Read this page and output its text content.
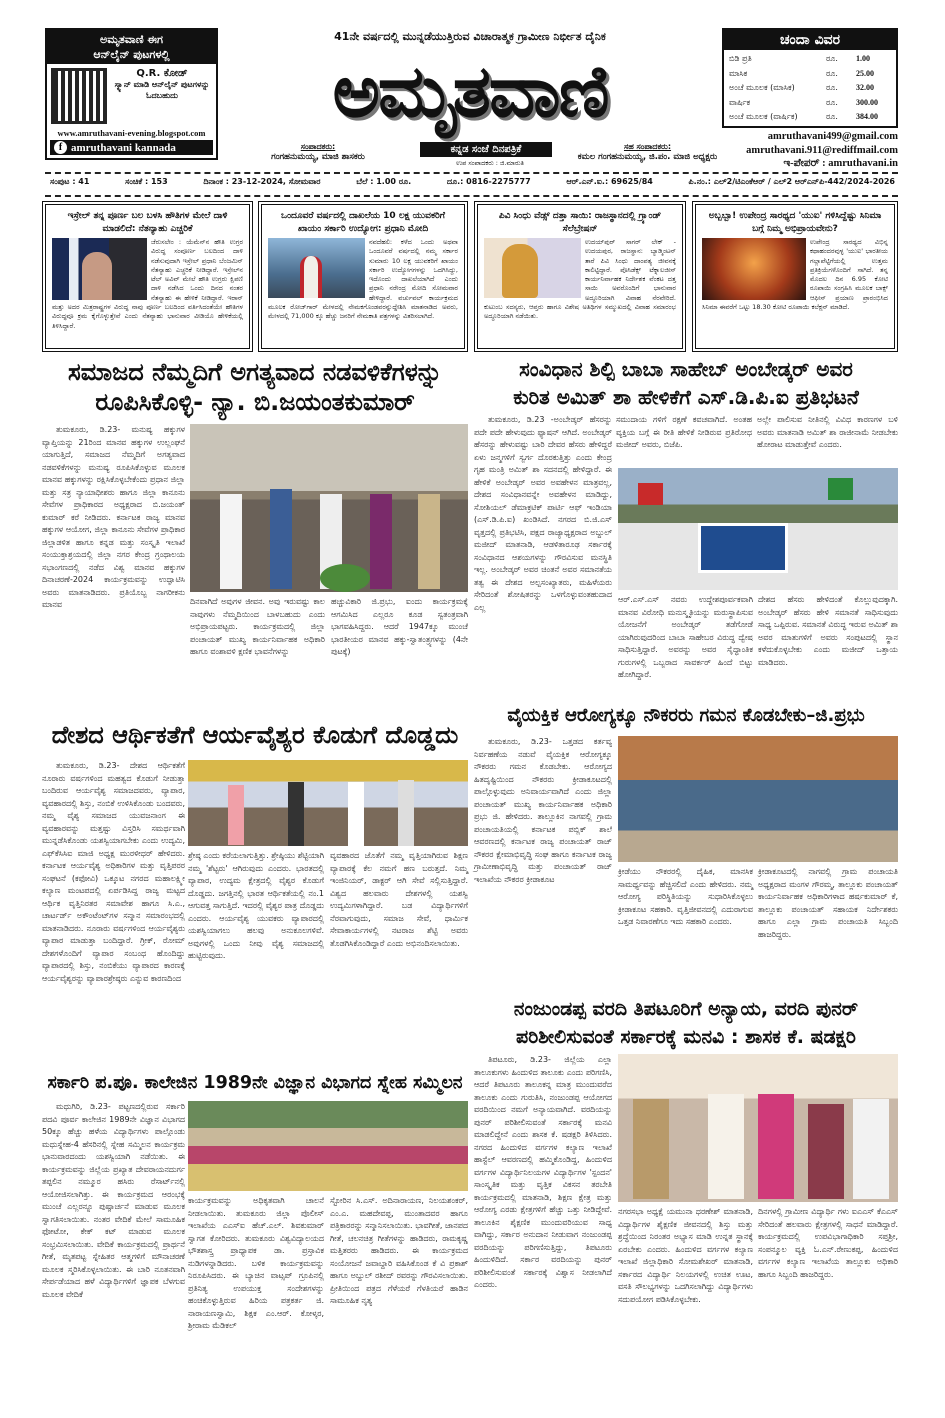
ಅಮೃತವಾಣಿ ಈಗ
ಆನ್‌ಲೈನ್ ಪುಟಗಳಲ್ಲಿ
Q.R. ಕೋಡ್
ಸ್ಕ್ಯಾನ್ ಮಾಡಿ ಆನ್‌ಲೈನ್ ಪುಟಗಳನ್ನು ಓದಬಹುದು
www.amruthavani-evening.blogspot.com
f amruthavani kannada
41ನೇ ವರ್ಷದಲ್ಲಿ ಮುನ್ನಡೆಯುತ್ತಿರುವ ವಿಚಾರಾತ್ಮಕ ಗ್ರಾಮೀಣ ನಿರ್ಭೀತ ದೈನಿಕ
ಅಮೃತವಾಣಿ
ಕನ್ನಡ ಸಂಜೆ ದಿನಪತ್ರಿಕೆ
ಉಪ ಸಂಪಾದಕರು : ಜಿ.ಮಾರುತಿ
ಸಂಪಾದಕರು:
ಗಂಗಹನುಮಯ್ಯ, ಮಾಜಿ ಶಾಸಕರು
ಸಹ ಸಂಪಾದಕರು:
ಕಮಲ ಗಂಗಹನುಮಯ್ಯ, ಜಿ.ಪಂ. ಮಾಜಿ ಅಧ್ಯಕ್ಷರು
ಚಂದಾ ವಿವರ
ಬಿಡಿ ಪ್ರತಿ	ರೂ.	1.00
ಮಾಸಿಕ	ರೂ.	25.00
ಅಂಚೆ ಮೂಲಕ (ಮಾಸಿಕ)	ರೂ.	32.00
ವಾರ್ಷಿಕ	ರೂ.	300.00
ಅಂಚೆ ಮೂಲಕ (ವಾರ್ಷಿಕ)	ರೂ.	384.00
amruthavani499@gmail.com
amruthavani.911@rediffmail.com
ಇ-ಪೇಪರ್ : amruthavani.in
ಸಂಪುಟ : 41	ಸಂಚಿಕೆ : 153	ದಿನಾಂಕ : 23-12-2024, ಸೋಮವಾರ	ಬೆಲೆ : 1.00 ರೂ.	ದೂ.: 0816-2275777	ಆರ್.ಎನ್.ಐ.: 69625/84	ಪಿ.ನಂ.: ಎಲ್2/ಟಿಎಂಕೆಆರ್ / ಎಲ್2 ಆರ್‌ಎನ್‌ಪಿ-442/2024-2026
ಇಸ್ರೇಲ್ ತನ್ನ ಪೂರ್ಣ ಬಲ ಬಳಸಿ ಹೌತಿಗಳ ಮೇಲೆ ದಾಳಿ ಮಾಡಲಿದೆ: ನೆತನ್ಯಾಹು ಎಚ್ಚರಿಕೆ
ಜೆರುಸಲೇಂ : ಯೆಮೆನ್‌ನ ಹೌತಿ ಉಗ್ರರ ವಿರುದ್ಧ ಸಂಪೂರ್ಣ ಬಲದಿಂದ ದಾಳಿ ನಡೆಸುವುದಾಗಿ ಇಸ್ರೇಲ್ ಪ್ರಧಾನಿ ಬೆಂಜಮಿನ್ ನೆತನ್ಯಾಹು ಎಚ್ಚರಿಕೆ ನೀಡಿದ್ದಾರೆ. ಇಸ್ರೇಲ್‌ನ ಟೆಲ್ ಅವಿವ್ ಮೇಲೆ ಹೌತಿ ಉಗ್ರರು ಕ್ಷಿಪಣಿ ದಾಳಿ ನಡೆಸಿದ ಒಂದು ದಿನದ ನಂತರ ನೆತನ್ಯಾಹು ಈ ಹೇಳಿಕೆ ನೀಡಿದ್ದಾರೆ. ಇರಾನ್ ಮತ್ತು ಅದರ ಮಿತ್ರರಾಷ್ಟ್ರಗಳ ವಿರುದ್ಧ ನಾವು ಪೂರ್ಣ ಬಲದಿಂದ ವರ್ತಿಸಿದಂತೆಯೇ ಹೌತಿಗಳ ವಿರುದ್ಧವೂ ಕ್ರಮ ಕೈಗೊಳ್ಳುತ್ತೇವೆ ಎಂದು ನೆತನ್ಯಾಹು ಭಾನುವಾರ ವೀಡಿಯೊ ಹೇಳಿಕೆಯಲ್ಲಿ ತಿಳಿಸಿದ್ದಾರೆ.
ಒಂದೂವರೆ ವರ್ಷದಲ್ಲಿ ದಾಖಲೆಯ 10 ಲಕ್ಷ ಯುವಕರಿಗೆ ಖಾಯಂ ಸರ್ಕಾರಿ ಉದ್ಯೋಗ: ಪ್ರಧಾನಿ ಮೋದಿ
ನವದೆಹಲಿ: ಕಳೆದ ಒಂದು ಅಥವಾ ಒಂದೂವರೆ ವರ್ಷದಲ್ಲಿ ನಮ್ಮ ಸರ್ಕಾರ ಸುಮಾರು 10 ಲಕ್ಷ ಯುವಕರಿಗೆ ಖಾಯಂ ಸರ್ಕಾರಿ ಉದ್ಯೋಗಗಳನ್ನು ಒದಗಿಸಿದ್ದು, ಇದೊಂದು ದಾಖಲೆಯಾಗಿದೆ ಎಂದು ಪ್ರಧಾನಿ ನರೇಂದ್ರ ಮೋದಿ ಸೋಮವಾರ ಹೇಳಿದ್ದಾರೆ. ವರ್ಚುವಲ್ ಕಾರ್ಯಕ್ರಮದ ಮೂಲಕ ರೋಜ್‌ಗಾರ್ ಮೇಳದಲ್ಲಿ ನೇಮಕಗೊಂಡವರನ್ನುದ್ದೇಶಿಸಿ ಮಾತನಾಡಿದ ಅವರು, ಮೇಳದಲ್ಲಿ 71,000 ಕ್ಕೂ ಹೆಚ್ಚು ಜನರಿಗೆ ನೇಮಕಾತಿ ಪತ್ರಗಳನ್ನು ವಿತರಿಸಲಾಗಿದೆ.
ಪಿವಿ ಸಿಂಧು ವೆಡ್ಸ್ ದತ್ತಾ ಸಾಯಿ: ರಾಜಸ್ಥಾನದಲ್ಲಿ ಗ್ರ್ಯಾಂಡ್ ಸೆಲೆಬ್ರೇಷನ್
ಉದಯ್‌ಪುರ್ ಸಾಗರ್ ಲೇಕ್ - ಉದಯಪುರ, ರಾಜಸ್ಥಾನ: ಬ್ಯಾಡ್ಮಿಂಟನ್ ತಾರೆ ಪಿವಿ ಸಿಂಧು ದಾಂಪತ್ಯ ಜೀವನಕ್ಕೆ ಕಾಲಿಟ್ಟಿದ್ದಾರೆ. ಪೊಸಿಡೆಕ್ಸ್ ಟೆಕ್ನಾಲಜೀಸ್ ಕಾರ್ಯನಿರ್ವಾಹಕ ನಿರ್ದೇಶಕ ವೆಂಕಟ ದತ್ತ ಸಾಯಿ ಅವರೊಂದಿಗೆ ಭಾನುವಾರ ಅದ್ಧೂರಿಯಾಗಿ ವಿವಾಹ ನೆರವೇರಿದೆ. ಕುಟುಂಬ ಸದಸ್ಯರು, ಆಪ್ತರು ಹಾಗೂ ವಿಶೇಷ ಅತಿಥಿಗಳ ಸಮ್ಮುಖದಲ್ಲಿ ವಿವಾಹ ಸಮಾರಂಭ ಅದ್ಧೂರಿಯಾಗಿ ನಡೆಯಿತು.
ಅಬ್ಬಬ್ಬಾ! ಉಪೇಂದ್ರ ಸಾರಥ್ಯದ 'ಯುಐ' ಗಳಿಸಿದ್ದೆಷ್ಟು ಸಿನಿಮಾ ಬಗ್ಗೆ ನಿಮ್ಮ ಅಭಿಪ್ರಾಯವೇನು?
ಉಪೇಂದ್ರ ಸಾರಥ್ಯದ ವಿಭಿನ್ನ ಕಥಾಹಂದರವುಳ್ಳ 'ಯುಐ' ಭಾರತೀಯ ಗಲ್ಲಾಪೆಟ್ಟಿಗೆಯಲ್ಲಿ ಉತ್ತಮ ಪ್ರತಿಕ್ರಿಯೆಗಳೊಂದಿಗೆ ಸಾಗಿದೆ. ತನ್ನ ಮೊದಲ ದಿನ 6.95 ಕೋಟಿ ರೂಪಾಯಿ ಸಂಗ್ರಹಿಸಿ ಮೂಲಕ ಬಾಕ್ಸ್ ಆಫೀಸ್ ಪ್ರಯಾಣ ಪ್ರಾರಂಭಿಸಿದ ಸಿನಿಮಾ ಈವರೆಗೆ ಒಟ್ಟು 18.30 ಕೋಟಿ ರೂಪಾಯಿ ಕಲೆಕ್ಷನ್ ಮಾಡಿದೆ.
ಸಮಾಜದ ನೆಮ್ಮದಿಗೆ ಅಗತ್ಯವಾದ ನಡವಳಿಕೆಗಳನ್ನು
ರೂಪಿಸಿಕೊಳ್ಳಿ- ನ್ಯಾ. ಬಿ.ಜಯಂತಕುಮಾರ್
ತುಮಕೂರು, ಡಿ.23- ಮನುಷ್ಯ ಹಕ್ಕುಗಳ ವ್ಯಾಪ್ತಿಯನ್ನು 21ರಿಂದ ಮಾನವ ಹಕ್ಕುಗಳ ಉಲ್ಲಂಘನೆ ಯಾಗುತ್ತಿದೆ, ಸಮಾಜದ ನೆಮ್ಮದಿಗೆ ಅಗತ್ಯವಾದ ನಡವಳಿಕೆಗಳನ್ನು ಮನುಷ್ಯ ರೂಪಿಸಿಕೊಳ್ಳುವ ಮೂಲಕ ಮಾನವ ಹಕ್ಕುಗಳನ್ನು ರಕ್ಷಿಸಿಕೊಳ್ಳಬೇಕೆಂದು ಪ್ರಧಾನ ಜಿಲ್ಲಾ ಮತ್ತು ಸತ್ರ ನ್ಯಾಯಾಧೀಶರು ಹಾಗೂ ಜಿಲ್ಲಾ ಕಾನೂನು ಸೇವೆಗಳ ಪ್ರಾಧಿಕಾರದ ಅಧ್ಯಕ್ಷರಾದ ಬಿ.ಜಯಂತ್ ಕುಮಾರ್ ಕರೆ ನೀಡಿದರು. ಕರ್ನಾಟಕ ರಾಜ್ಯ ಮಾನವ ಹಕ್ಕುಗಳ ಆಯೋಗ, ಜಿಲ್ಲಾ ಕಾನೂನು ಸೇವೆಗಳ ಪ್ರಾಧಿಕಾರ ಜಿಲ್ಲಾಡಳಿತ ಹಾಗೂ ಕನ್ನಡ ಮತ್ತು ಸಂಸ್ಕೃತಿ ಇಲಾಖೆ ಸಂಯುಕ್ತಾಶ್ರಯದಲ್ಲಿ ಜಿಲ್ಲಾ ನಗರ ಕೇಂದ್ರ ಗ್ರಂಥಾಲಯ ಸಭಾಂಗಣದಲ್ಲಿ ನಡೆದ ವಿಶ್ವ ಮಾನವ ಹಕ್ಕುಗಳ ದಿನಾಚರಣೆ-2024 ಕಾರ್ಯಕ್ರಮವನ್ನು ಉದ್ಘಾಟಿಸಿ ಅವರು ಮಾತನಾಡಿದರು. ಪ್ರತಿಯೊಬ್ಬ ನಾಗರೀಕನು ಮಾನವ	ದಿನವಾಗಿದೆ ಅವುಗಳ ಜೀವನ. ಅವು ಇರುವಷ್ಟು ಕಾಲ ನಾವುಗಳು ನೆಮ್ಮದಿಯಿಂದ ಬಾಳಬಹುದು ಎಂದು ಅಭಿಪ್ರಾಯಪಟ್ಟರು. ಕಾರ್ಯಕ್ರಮದಲ್ಲಿ ಜಿಲ್ಲಾ ಪಂಚಾಯತ್ ಮುಖ್ಯ ಕಾರ್ಯನಿರ್ವಾಹಕ ಅಧಿಕಾರಿ ಹಾಗೂ ವಂಶಾವಳಿ ಕ್ಷಣಿಕ ಭಾವನೆಗಳನ್ನು
ಹಚ್ಚುವಿಕಾರಿ ಜಿ.ಪ್ರಭು, ಐಂದು ಕಾರ್ಯಕ್ರಮಕ್ಕೆ ಆಗಮಿಸಿದ ಎಲ್ಲರೂ ಕೂಡ ಸ್ವತಂತ್ರವಾಗಿ ಭಾಗವಹಿಸಿದ್ದರು. ಆದರೆ 1947ಕ್ಕೂ ಮುಂಚೆ ಭಾರತೀಯರ ಮಾನವ ಹಕ್ಕು-ಸ್ವಾತಂತ್ರ್ಯಗಳನ್ನು (4ನೇ ಪುಟಕ್ಕೆ)
ದೇಶದ ಆರ್ಥಿಕತೆಗೆ ಆರ್ಯವೈಶ್ಯರ ಕೊಡುಗೆ ದೊಡ್ಡದು
ತುಮಕೂರು, ಡಿ.23- ದೇಶದ ಆರ್ಥಿಕತೆಗೆ ನೂರಾರು ವರ್ಷಗಳಿಂದ ಮಹತ್ವದ ಕೊಡುಗೆ ನೀಡುತ್ತಾ ಬಂದಿರುವ ಆರ್ಯವೈಶ್ಯ ಸಮಾಜದವರು, ವ್ಯಾಪಾರ, ವ್ಯವಹಾರದಲ್ಲಿ ಶಿಸ್ತು, ನಂಬಿಕೆ ಉಳಿಸಿಕೊಂಡು ಬಂದವರು, ನಮ್ಮ ವೈಶ್ಯ ಸಮಾಜದ ಯುವಜನಾಂಗ ಈ ವ್ಯವಹಾರವನ್ನು ಮತ್ತಷ್ಟು ವಿಸ್ತರಿಸಿ ಸಮರ್ಥವಾಗಿ ಮುನ್ನಡೆಸಿಕೊಂಡು ಯಶಸ್ವಿಯಾಗಬೇಕು ಎಂದು ಉದ್ಯಮಿ, ಎಫ್‌ಕೆಸಿಸಿಐ ಮಾಜಿ ಅಧ್ಯಕ್ಷ ಮುರಳೀಧರ್ ಹೇಳಿದರು. ಕರ್ನಾಟಕ ಆರ್ಯವೈಶ್ಯ ಅಧಿಕಾರಿಗಳ ಮತ್ತು ವೃತ್ತಿಪರರ ಸಂಘಟನೆ (ಕಫೋವಿ) ಒಕ್ಕೂಟ ನಗರದ ಮಹಾಲಕ್ಷ್ಮೀ ಕಲ್ಯಾಣ ಮಂಟಪದಲ್ಲಿ ಏರ್ಪಡಿಸಿದ್ದ ರಾಜ್ಯ ಮಟ್ಟದ ಆರ್ಥಿಕ ವೃತ್ತಿನಿರತರ ಸಮಾವೇಶ ಹಾಗೂ ಸಿ.ಎ., ಚಾರ್ಟರ್ಡ್ ಅಕೌಂಟೆಂಟ್‌ಗಳ ಸನ್ಮಾನ ಸಮಾರಂಭದಲ್ಲಿ ಮಾತನಾಡಿದರು. ನೂರಾರು ವರ್ಷಗಳಿಂದ ಆರ್ಯವೈಶ್ಯರು ವ್ಯಾಪಾರ ಮಾಡುತ್ತಾ ಬಂದಿದ್ದಾರೆ. ಗ್ರೀಕ್, ರೋಮ್ ದೇಶಗಳೊಂದಿಗೆ ವ್ಯಾಪಾರ ಸಂಬಂಧ ಹೊಂದಿದ್ದು ವ್ಯಾಪಾರದಲ್ಲಿ ಶಿಸ್ತು, ನಂಬಿಕೆಯು ವ್ಯಾಪಾರದ ಕಾರಣಕ್ಕೆ ಆರ್ಯವೈಶ್ಯರನ್ನು ವ್ಯಾಪಾರಶ್ರೇಷ್ಠರು ಎನ್ನುವ ಕಾರಣದಿಂದ
ಶ್ರೇಷ್ಠ ಎಂದು ಕರೆಯಲಾಗುತ್ತಿತ್ತು. ಶ್ರೇಷ್ಠಿಯು ಶೆಟ್ಟಿಯಾಗಿ ನಮ್ಮ 'ಶೆಟ್ಟರು' ಆಗಿರುವುದು ಎಂದರು. ಭಾರತದಲ್ಲಿ ವ್ಯಾಪಾರ, ಉದ್ಯಮ ಕ್ಷೇತ್ರದಲ್ಲಿ ವೈಶ್ಯರ ಕೊಡುಗೆ ದೊಡ್ಡದು. ಜಗತ್ತಿನಲ್ಲಿ ಭಾರತ ಆರ್ಥಿಕತೆಯಲ್ಲಿ ನಂ.1 ಆಗುವತ್ತ ಸಾಗುತ್ತಿದೆ. ಇದರಲ್ಲಿ ವೈಶ್ಯರ ಪಾತ್ರ ದೊಡ್ಡದು ಎಂದರು. ಆರ್ಯವೈಶ್ಯ ಯುವಕರು ವ್ಯಾಪಾರದಲ್ಲಿ ಯಶಸ್ವಿಯಾಗಲು ಹಲವು ಅನುಕೂಲಗಳಿವೆ. ಅವುಗಳಲ್ಲಿ ಒಂದು ನೀವು ವೈಶ್ಯ ಸಮಾಜದಲ್ಲಿ ಹುಟ್ಟಿರುವುದು.
ವ್ಯವಹಾರದ ಜೊತೆಗೆ ನಮ್ಮ ವೃತ್ತಿಯಾಗಿರುವ ಶಿಕ್ಷಣ ವ್ಯಾಪಾರಕ್ಕೆ ಕೆಲ ನಮಗೆ ಹಣ ಬರುತ್ತದೆ. ನಿಮ್ಮ ಇಂಜಿನಿಯರ್, ಡಾಕ್ಟರ್ ಆಗಿ ಸೇವೆ ಸಲ್ಲಿಸುತ್ತಿದ್ದಾರೆ. ವಿಶ್ವದ ಹಲವಾರು ದೇಶಗಳಲ್ಲಿ ಯಶಸ್ವಿ ಉದ್ಯಮಿಗಳಾಗಿದ್ದಾರೆ. ಬಡ ವಿದ್ಯಾರ್ಥಿಗಳಿಗೆ ನೆರವಾಗುವುದು, ಸಮಾಜ ಸೇವೆ, ಧಾರ್ಮಿಕ ಸೇವಾಕಾರ್ಯಗಳಲ್ಲಿ ನಟರಾಜ ಶೆಟ್ಟಿ ಅವರು ತೊಡಗಿಸಿಕೊಂಡಿದ್ದಾರೆ ಎಂದು ಅಭಿನಂದಿಸಲಾಯಿತು.
ಸರ್ಕಾರಿ ಪ.ಪೂ. ಕಾಲೇಜಿನ 1989ನೇ ವಿಜ್ಞಾನ ವಿಭಾಗದ ಸ್ನೇಹ ಸಮ್ಮಿಲನ
ಮಧುಗಿರಿ, ಡಿ.23- ಪಟ್ಟಣದಲ್ಲಿರುವ ಸರ್ಕಾರಿ ಪದವಿ ಪೂರ್ವ ಕಾಲೇಜಿನ 1989ನೇ ವಿಜ್ಞಾನ ವಿಭಾಗದ 50ಕ್ಕೂ ಹೆಚ್ಚು ಹಳೆಯ ವಿದ್ಯಾರ್ಥಿಗಳು ಪಾಲ್ಗೊಂಡು ಮಧುಸ್ನೇಹ-4 ಹೆಸರಿನಲ್ಲಿ ಸ್ನೇಹ ಸಮ್ಮಿಲನ ಕಾರ್ಯಕ್ರಮ ಭಾನುವಾರದಂದು ಯಶಸ್ವಿಯಾಗಿ ನಡೆಯಿತು. ಈ ಕಾರ್ಯಕ್ರಮವನ್ನು ಜಿಲ್ಲೆಯ ಪ್ರಖ್ಯಾತ ದೇವರಾಯನದುರ್ಗ ತಪ್ಪಲಿನ ನಮ್ಮೂರ ಹಸಿರು ರೆಸಾರ್ಟ್‌ನಲ್ಲಿ ಆಯೋಜಿಸಲಾಗಿತ್ತು. ಈ ಕಾರ್ಯಕ್ರಮದ ಆರಂಭಕ್ಕೆ ಮುಂಚೆ ಎಲ್ಲರನ್ನೂ ಪುಷ್ಪಾರ್ಚನೆ ಮಾಡುವ ಮೂಲಕ ಸ್ವಾಗತಿಸಲಾಯಿತು. ನಂತರ ವೇದಿಕೆ ಮೇಲೆ ಸಾಮೂಹಿಕ ಫೋಟೋ, ಕೇಕ್ ಕಟ್ ಮಾಡುವ ಮೂಲಕ ಸಂಭ್ರಮಿಸಲಾಯಿತು. ವೇದಿಕೆ ಕಾರ್ಯಕ್ರಮದಲ್ಲಿ ಪ್ರಾರ್ಥನೆ ಗೀತೆ, ಮೃತಪಟ್ಟ ಸ್ನೇಹಿತರ ಆತ್ಮಗಳಿಗೆ ಮೌನಾಚರಣೆ ಮೂಲಕ ಸ್ಮರಿಸಿಕೊಳ್ಳಲಾಯಿತು. ಈ ಬಾರಿ ನೂತನವಾಗಿ ಸೇರ್ಪಡೆಯಾದ ಹಳೆ ವಿದ್ಯಾರ್ಥಿಗಳಿಗೆ ಜ್ಞಾಪಕ ಬೆಳಗುವ ಮೂಲಕ ವೇದಿಕೆ
ಕಾರ್ಯಕ್ರಮವನ್ನು ಅಧಿಕೃತವಾಗಿ ಚಾಲನೆ ನೀಡಲಾಯಿತು. ತುಮಕೂರು ಜಿಲ್ಲಾ ಪೊಲೀಸ್ ಇಲಾಖೆಯ ಎಎಸ್‌ಐ ಹೆಚ್.ಎಲ್. ಶಿವಕುಮಾರ್ ಸ್ವಾಗತ ಕೋರಿದರು. ತುಮಕೂರು ವಿಶ್ವವಿದ್ಯಾಲಯದ ಭೌತಶಾಸ್ತ್ರ ಪ್ರಾಧ್ಯಾಪಕ ಡಾ. ಪ್ರಸ್ತಾವಿಕ ನುಡಿಗಳನ್ನಾಡಿದರು. ಬಳಿಕ ಕಾರ್ಯಕ್ರಮವನ್ನು ನಿರೂಪಿಸಿದರು. ಈ ಬ್ಯಾಚಿನ ವಾಟ್ಸಪ್ ಗ್ರೂಪಿನಲ್ಲಿ ಪ್ರತಿನಿತ್ಯ ಉಪಯುಕ್ತ ಸಂದೇಶಗಳನ್ನು ಹಂಚಿಕೊಳ್ಳುತ್ತಿರುವ ಹಿರಿಯ ಪತ್ರಕರ್ತ ಜಿ. ನಾರಾಯಣಸ್ವಾಮಿ, ಶಿಕ್ಷಕ ಎಂ.ಆರ್. ಕೋಳ್ಕರ, ಶ್ರೀರಾಮ ಮೆಡಿಕಲ್
ಸ್ಟೋರಿನ ಸಿ.ಎಸ್. ಅದಿನಾರಾಯಣ, ನಿಲಯಶಂಕರ್, ಎಂ.ಎ. ಮಹದೇವಪ್ಪ, ಮುಂತಾದವರ ಹಾಗೂ ಪತ್ರಿಕಾರರನ್ನು ಸನ್ಮಾನಿಸಲಾಯಿತು. ಭಾವಗೀತೆ, ಜಾನಪದ ಗೀತೆ, ಚಲನಚಿತ್ರ ಗೀತೆಗಳನ್ನು ಹಾಡಿದರು, ರಾಮಕೃಷ್ಣ ಮತ್ತಿತರರು ಹಾಡಿದರು. ಈ ಕಾರ್ಯಕ್ರಮದ ಸಂಯೋಜನೆ ಜವಾಬ್ದಾರಿ ವಹಿಸಿಕೊಂಡ ಕೆ ವಿ ಪ್ರಕಾಶ್ ಹಾಗೂ ಅಬ್ದುಲ್ ರಶೀದ್ ರವರನ್ನು ಗೌರವಿಸಲಾಯಿತು. ಪ್ರೀತಿಯಿಂದ ಪತ್ರದ ಗೆಳೆಯರೆ ಗೆಳತಿಯರೆ ಹಾಡಿನ ಸಾಮೂಹಿಕ ನೃತ್ಯ
ಸಂವಿಧಾನ ಶಿಲ್ಪಿ ಬಾಬಾ ಸಾಹೇಬ್ ಅಂಬೇಡ್ಕರ್ ಅವರ
ಕುರಿತ ಅಮಿತ್ ಶಾ ಹೇಳಿಕೆಗೆ ಎಸ್.ಡಿ.ಪಿ.ಐ ಪ್ರತಿಭಟನೆ
ತುಮಕೂರು, ಡಿ.23 -ಅಂಬೇಡ್ಕರ್ ಹೆಸರನ್ನು ಪದೇ ಪದೇ ಹೇಳುವುದು ಫ್ಯಾಷನ್ ಆಗಿದೆ. ಅಂಬೇಡ್ಕರ್ ಹೆಸರನ್ನು ಹೇಳುವಷ್ಟು ಬಾರಿ ದೇವರ ಹೆಸರು ಹೇಳಿದ್ದರೆ ಏಳು ಜನ್ಮಗಳಿಗೆ ಸ್ವರ್ಗ ದೊರಕುತ್ತಿತ್ತು ಎಂದು ಕೇಂದ್ರ ಗೃಹ ಮಂತ್ರಿ ಅಮಿತ್ ಶಾ ಸದನದಲ್ಲಿ ಹೇಳಿದ್ದಾರೆ. ಈ ಹೇಳಿಕೆ ಅಂಬೇಡ್ಕರ್ ಅವರ ಅವಹೇಳನ ಮಾತ್ರವಲ್ಲ, ದೇಶದ ಸಂವಿಧಾನವನ್ನೇ ಅವಹೇಳನ ಮಾಡಿದ್ದು, ಸೋಶಿಯಲ್ ಡೆಮಾಕ್ರಟಿಕ್ ಪಾರ್ಟಿ ಆಫ್ ಇಂಡಿಯಾ (ಎಸ್.ಡಿ.ಪಿ.ಐ) ಖಂಡಿಸಿದೆ. ನಗರದ ಬಿ.ಜಿ.ಎಸ್ ವೃತ್ತದಲ್ಲಿ ಪ್ರತಿಭಟಿಸಿ, ಪಕ್ಷದ ರಾಜ್ಯಾಧ್ಯಕ್ಷರಾದ ಅಬ್ದುಲ್ ಮಜೀದ್ ಮಾತನಾಡಿ, ಆಡಳಿತಾರೂಢ ಸರ್ಕಾರಕ್ಕೆ ಸಂವಿಧಾನದ ಆಶಯಗಳನ್ನು ಗೌರವಿಸುವ ಮನಸ್ಥಿತಿ ಇಲ್ಲ. ಅಂಬೇಡ್ಕರ್ ಅವರ ಚಿಂತನೆ ಅವರ ಸಮಾನತೆಯ ತತ್ವ ಈ ದೇಶದ ಅಲ್ಪಸಂಖ್ಯಾತರು, ಮಹಿಳೆಯರು ಸೇರಿದಂತೆ ಶೋಷಿತರನ್ನು ಒಳಗೊಳ್ಳುವಂತಹುದಾದ ಎಲ್ಲ
ಸಮುದಾಯ ಗಳಿಗೆ ರಕ್ಷಣೆ ಕವಚವಾಗಿದೆ. ಅಂತಹ ವ್ಯಕ್ತಿಯ ಬಗ್ಗೆ ಈ ರೀತಿ ಹೇಳಿಕೆ ನೀಡಿರುವ ಪ್ರತಿರೋಧ ಮಜೀದ್ ಅವರು, ಬಿಜೆಪಿ.
ಅಲ್ಲೇ ಪಾಲಿಸುವ ನೀತಿನಲ್ಲಿ ವಿವಿಧ ಕಾರಣಗಳ ಬಳಿ ಅವರು ಮಾತನಾಡಿ ಅಮಿತ್ ಶಾ ರಾಜೀನಾಮೆ ನೀಡಬೇಕು ಹೋರಾಟ ಮಾಡುತ್ತೇವೆ ಎಂದರು.
ಆರ್.ಎಸ್.ಎಸ್ ನವರು ಉದ್ದೇಶಪೂರ್ವಕವಾಗಿ ಮಾನವ ವಿರೋಧಿ ಮನುಸ್ಮೃತಿಯನ್ನು ಮರುಸ್ಥಾಪಿಸುವ ಯೋಜನೆಗೆ ಅಂಬೇಡ್ಕರ್ ತಡೆಗೋಡೆ ಯಾಗಿರುವುದರಿಂದ ಬಾಬಾ ಸಾಹೇಬರ ವಿರುದ್ಧ ದ್ವೇಷ ಸಾಧಿಸುತ್ತಿದ್ದಾರೆ. ಅವರನ್ನು ಅವರ ಸೈದ್ಧಾಂತಿಕ ಗುರುಗಳಲ್ಲಿ ಒಬ್ಬರಾದ ಸಾವರ್ಕರ್ ಹಿಂದೆ ಬಿಟ್ಟು ಹೋಗಿದ್ದಾರೆ.
ದೇಶದ ಹೆಸರು ಹೇಳಿದಂತೆ ಕೊಲ್ಲುವುದಕ್ಕಾಗಿ. ಅಂಬೇಡ್ಕರ್ ಹೆಸರು ಹೇಳಿ ಸಮಾನತೆ ಸಾಧಿಸುವುದು ಸಾಧ್ಯ ಒಪ್ಪಿರುವ. ಸಮಾನತೆ ವಿರುದ್ಧ ಇರುವ ಅಮಿತ್ ಶಾ ಅವರ ಮಾತುಗಳಿಗೆ ಅವರು ಸಂಪುಟದಲ್ಲಿ ಸ್ಥಾನ ಕಳೆದುಕೊಳ್ಳಬೇಕು ಎಂದು ಮಜೀದ್ ಒತ್ತಾಯ ಮಾಡಿದರು.
ವೈಯಕ್ತಿಕ ಆರೋಗ್ಯಕ್ಕೂ ನೌಕರರು ಗಮನ ಕೊಡಬೇಕು–ಜಿ.ಪ್ರಭು
ತುಮಕೂರು, ಡಿ.23- ಒತ್ತಡದ ಕರ್ತವ್ಯ ನಿರ್ವಹಣೆಯ ನಡುವೆ ವೈಯಕ್ತಿಕ ಆರೋಗ್ಯಕ್ಕೂ ನೌಕರರು ಗಮನ ಕೊಡಬೇಕು. ಆರೋಗ್ಯದ ಹಿತದೃಷ್ಟಿಯಿಂದ ನೌಕರರು ಕ್ರೀಡಾಕೂಟದಲ್ಲಿ ಪಾಲ್ಗೊಳ್ಳುವುದು ಅನಿವಾರ್ಯವಾಗಿದೆ ಎಂದು ಜಿಲ್ಲಾ ಪಂಚಾಯತ್ ಮುಖ್ಯ ಕಾರ್ಯನಿರ್ವಾಹಕ ಅಧಿಕಾರಿ ಪ್ರಭು ಜಿ. ಹೇಳಿದರು. ತಾಲ್ಲೂಕಿನ ನಾಗವಲ್ಲಿ ಗ್ರಾಮ ಪಂಚಾಯತಿಯಲ್ಲಿ ಕರ್ನಾಟಕ ಪಬ್ಲಿಕ್ ಶಾಲೆ ಆವರಣದಲ್ಲಿ ಕರ್ನಾಟಕ ರಾಜ್ಯ ಪಂಚಾಯತ್ ರಾಜ್ ನೌಕರರ ಕ್ಷೇಮಾಭಿವೃದ್ಧಿ ಸಂಘ ಹಾಗೂ ಕರ್ನಾಟಕ ರಾಜ್ಯ ಗ್ರಾಮೀಣಾಭಿವೃದ್ಧಿ ಮತ್ತು ಪಂಚಾಯತ್ ರಾಜ್ ಇಲಾಖೆಯ ನೌಕರರ ಕ್ರೀಡಾಕೂಟ
ಕ್ರೀಡೆಯು ನೌಕರರಲ್ಲಿ ದೈಹಿಕ, ಮಾನಸಿಕ ಸಾಮರ್ಥ್ಯವನ್ನು ಹೆಚ್ಚಿಸಲಿದೆ ಎಂದು ಹೇಳಿದರು. ನಮ್ಮ ಆರೋಗ್ಯ ಪರಿಸ್ಥಿತಿಯನ್ನು ಸುಧಾರಿಸಿಕೊಳ್ಳಲು ಕ್ರೀಡಾಕೂಟ ಸಹಕಾರಿ. ವೃತ್ತಿಜೀವನದಲ್ಲಿ ಎದುರಾಗುವ ಒತ್ತಡ ನಿವಾರಣೆಗೂ ಇದು ಸಹಕಾರಿ ಎಂದರು.
ಕ್ರೀಡಾಕೂಟದಲ್ಲಿ ನಾಗವಲ್ಲಿ ಗ್ರಾಮ ಪಂಚಾಯತಿ ಅಧ್ಯಕ್ಷರಾದ ಮಂಗಳ ಗೌರಮ್ಮ, ತಾಲ್ಲೂಕು ಪಂಚಾಯತ್ ಕಾರ್ಯನಿರ್ವಾಹಕ ಅಧಿಕಾರಿಗಳಾದ ಹರ್ಷಕುಮಾರ್ ಕೆ, ತಾಲ್ಲೂಕು ಪಂಚಾಯತ್ ಸಹಾಯಕ ನಿರ್ದೇಶಕರು ಹಾಗೂ ಎಲ್ಲಾ ಗ್ರಾಮ ಪಂಚಾಯತಿ ಸಿಬ್ಬಂದಿ ಹಾಜರಿದ್ದರು.
ನಂಜುಂಡಪ್ಪ ವರದಿ ತಿಪಟೂರಿಗೆ ಅನ್ಯಾಯ, ವರದಿ ಪುನರ್
ಪರಿಶೀಲಿಸುವಂತೆ ಸರ್ಕಾರಕ್ಕೆ ಮನವಿ : ಶಾಸಕ ಕೆ. ಷಡಕ್ಷರಿ
ತಿಪಟೂರು, ಡಿ.23- ಜಿಲ್ಲೆಯ ಎಲ್ಲಾ ತಾಲೂಕುಗಳು ಹಿಂದುಳಿದ ತಾಲೂಕು ಎಂದು ಪರಿಗಣಿಸಿ, ಆದರೆ ತಿಪಟೂರು ತಾಲೂಕನ್ನ ಮಾತ್ರ ಮುಂದುವರೆದ ತಾಲೂಕು ಎಂದು ಗುರುತಿಸಿ, ನಂಜುಂಡಪ್ಪ ಆಯೋಗದ ವರದಿಯಿಂದ ನಮಗೆ ಅನ್ಯಾಯವಾಗಿದೆ. ವರದಿಯನ್ನು ಪುನರ್ ಪರಿಶೀಲಿಸುವಂತೆ ಸರ್ಕಾರಕ್ಕೆ ಮನವಿ ಮಾಡಲಿದ್ದೇನೆ ಎಂದು ಶಾಸಕ ಕೆ. ಷಡಕ್ಷರಿ ತಿಳಿಸಿದರು. ನಗರದ ಹಿಂದುಳಿದ ವರ್ಗಗಳ ಕಲ್ಯಾಣ ಇಲಾಖೆ ಹಾಸ್ಟೆಲ್ ಆವರಣದಲ್ಲಿ ಹಮ್ಮಿಕೊಂಡಿದ್ದ, ಹಿಂದುಳಿದ ವರ್ಗಗಳ ವಿದ್ಯಾರ್ಥಿನಿಲಯಗಳ ವಿದ್ಯಾರ್ಥಿಗಳ 'ಸ್ಪಂದನ' ಸಾಂಸ್ಕೃತಿಕ ಮತ್ತು ವೃತ್ತಿಕ ವಿಕಸನ ತರಬೇತಿ ಕಾರ್ಯಕ್ರಮದಲ್ಲಿ ಮಾತನಾಡಿ, ಶಿಕ್ಷಣ ಕ್ಷೇತ್ರ ಮತ್ತು ಆರೋಗ್ಯ ಎರಡು ಕ್ಷೇತ್ರಗಳಿಗೆ ಹೆಚ್ಚು ಒತ್ತು ನೀಡಿದ್ದೇವೆ. ತಾಲೂಕಿನ ಶೈಕ್ಷಣಿಕ ಮುಂದುವರಿಯುವ ಸಾಧ್ಯ ವಾಗಿದ್ದು, ಸರ್ಕಾರ ಅನುದಾನ ನೀಡುವಾಗ ನಂಜುಂಡಪ್ಪ ವರದಿಯನ್ನು ಪರಿಗಣಿಸುತ್ತಿದ್ದು, ತಿಪಟೂರು ಹಿಂದುಳಿದಿದೆ. ಸರ್ಕಾರ ವರದಿಯನ್ನು ಪುನರ್ ಪರಿಶೀಲಿಸುವಂತೆ ಸರ್ಕಾರಕ್ಕೆ ವಿಶ್ವಾಸ ನೀಡಲಾಗಿದೆ ಎಂದರು.
ನಗರಸಭಾ ಅಧ್ಯಕ್ಷೆ ಯಮುನಾ ಧರಣೇಶ್ ಮಾತನಾಡಿ, ವಿದ್ಯಾರ್ಥಿಗಳ ಶೈಕ್ಷಣಿಕ ಜೀವನದಲ್ಲಿ ಶಿಸ್ತು ಮತ್ತು ಶ್ರದ್ಧೆಯಿಂದ ನಿರಂತರ ಅಭ್ಯಾಸ ಮಾಡಿ ಉನ್ನತ ಸ್ಥಾನಕ್ಕೆ ಏರಬೇಕು ಎಂದರು. ಹಿಂದುಳಿದ ವರ್ಗಗಳ ಕಲ್ಯಾಣ ಇಲಾಖೆ ಜಿಲ್ಲಾಧಿಕಾರಿ ಸೋಮಶೇಖರ್ ಮಾತನಾಡಿ, ಸರ್ಕಾರದ ವಿದ್ಯಾರ್ಥಿ ನಿಲಯಗಳಲ್ಲಿ ಉಚಿತ ಊಟ, ವಸತಿ ಸೌಲಭ್ಯಗಳನ್ನು ಒದಗಿಸಲಾಗಿದ್ದು ವಿದ್ಯಾರ್ಥಿಗಳು ಸದುಪಯೋಗ ಪಡಿಸಿಕೊಳ್ಳಬೇಕು.
ದಿನಗಳಲ್ಲಿ ಗ್ರಾಮೀಣ ವಿದ್ಯಾರ್ಥಿ ಗಳು ಐಎಎಸ್ ಕೆಎಎಸ್ ಸೇರಿದಂತೆ ಹಲವಾರು ಕ್ಷೇತ್ರಗಳಲ್ಲಿ ಸಾಧನೆ ಮಾಡಿದ್ದಾರೆ. ಕಾರ್ಯಕ್ರಮದಲ್ಲಿ ಉಪವಿಭಾಗಾಧಿಕಾರಿ ಸಪ್ತಶ್ರೀ, ಸಂಪನ್ಮೂಲ ವ್ಯಕ್ತಿ ಓ.ಎನ್.ರೇಣುಕಪ್ಪ, ಹಿಂದುಳಿದ ವರ್ಗಗಳ ಕಲ್ಯಾಣ ಇಲಾಖೆಯ ತಾಲ್ಲೂಕು ಅಧಿಕಾರಿ ಹಾಗೂ ಸಿಬ್ಬಂದಿ ಹಾಜರಿದ್ದರು.
